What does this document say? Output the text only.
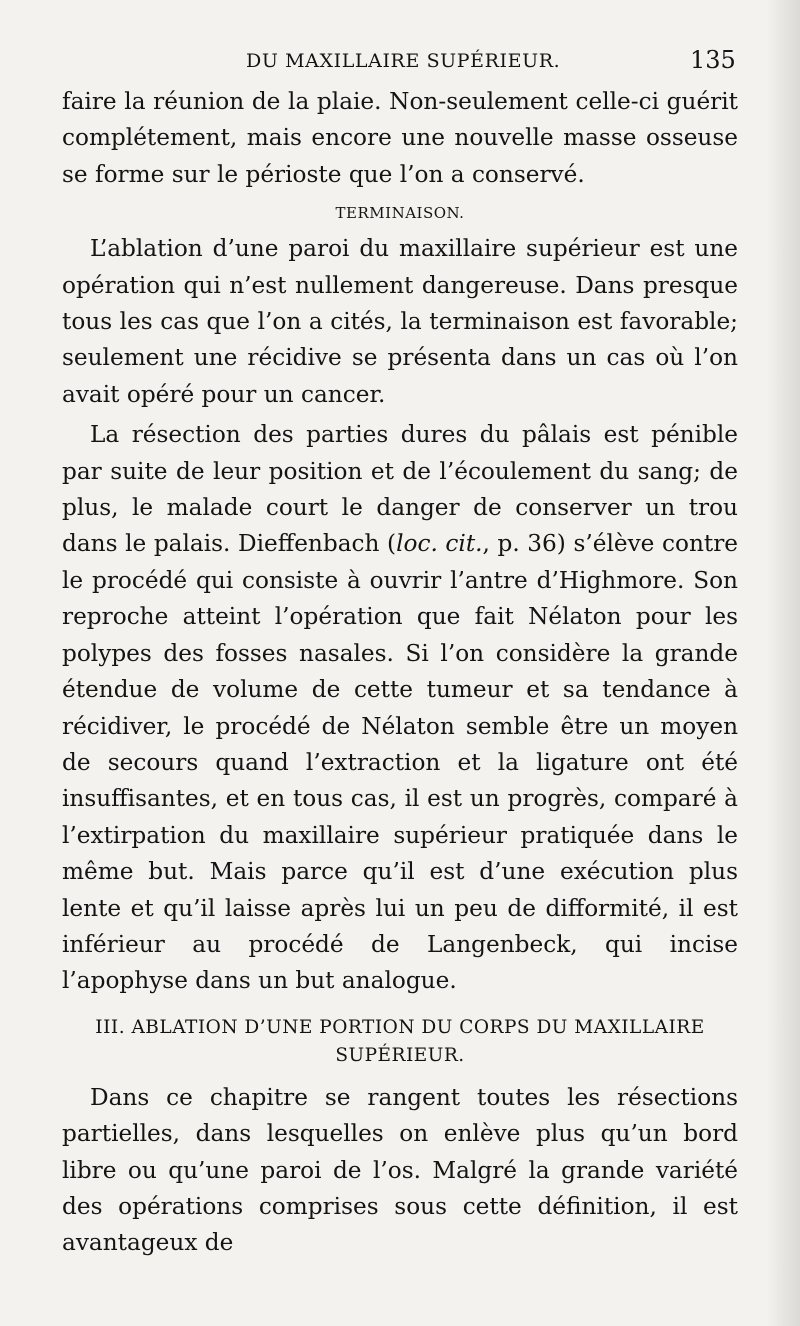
DU MAXILLAIRE SUPÉRIEUR.	135

faire la réunion de la plaie. Non-seulement celle-ci guérit complétement, mais encore une nouvelle masse osseuse se forme sur le périoste que l’on a conservé.

TERMINAISON.

L’ablation d’une paroi du maxillaire supérieur est une opération qui n’est nullement dangereuse. Dans presque tous les cas que l’on a cités, la terminaison est favorable; seulement une récidive se présenta dans un cas où l’on avait opéré pour un cancer.

La résection des parties dures du pâlais est pénible par suite de leur position et de l’écoulement du sang; de plus, le malade court le danger de conserver un trou dans le palais. Dieffenbach (loc. cit., p. 36) s’élève contre le procédé qui consiste à ouvrir l’antre d’Highmore. Son reproche atteint l’opération que fait Nélaton pour les polypes des fosses nasales. Si l’on considère la grande étendue de volume de cette tumeur et sa tendance à récidiver, le procédé de Nélaton semble être un moyen de secours quand l’extraction et la ligature ont été insuffisantes, et en tous cas, il est un progrès, comparé à l’extirpation du maxillaire supérieur pratiquée dans le même but. Mais parce qu’il est d’une exécution plus lente et qu’il laisse après lui un peu de difformité, il est inférieur au procédé de Langenbeck, qui incise l’apophyse dans un but analogue.

III. ABLATION D’UNE PORTION DU CORPS DU MAXILLAIRE
SUPÉRIEUR.

Dans ce chapitre se rangent toutes les résections partielles, dans lesquelles on enlève plus qu’un bord libre ou qu’une paroi de l’os. Malgré la grande variété des opérations comprises sous cette définition, il est avantageux de
